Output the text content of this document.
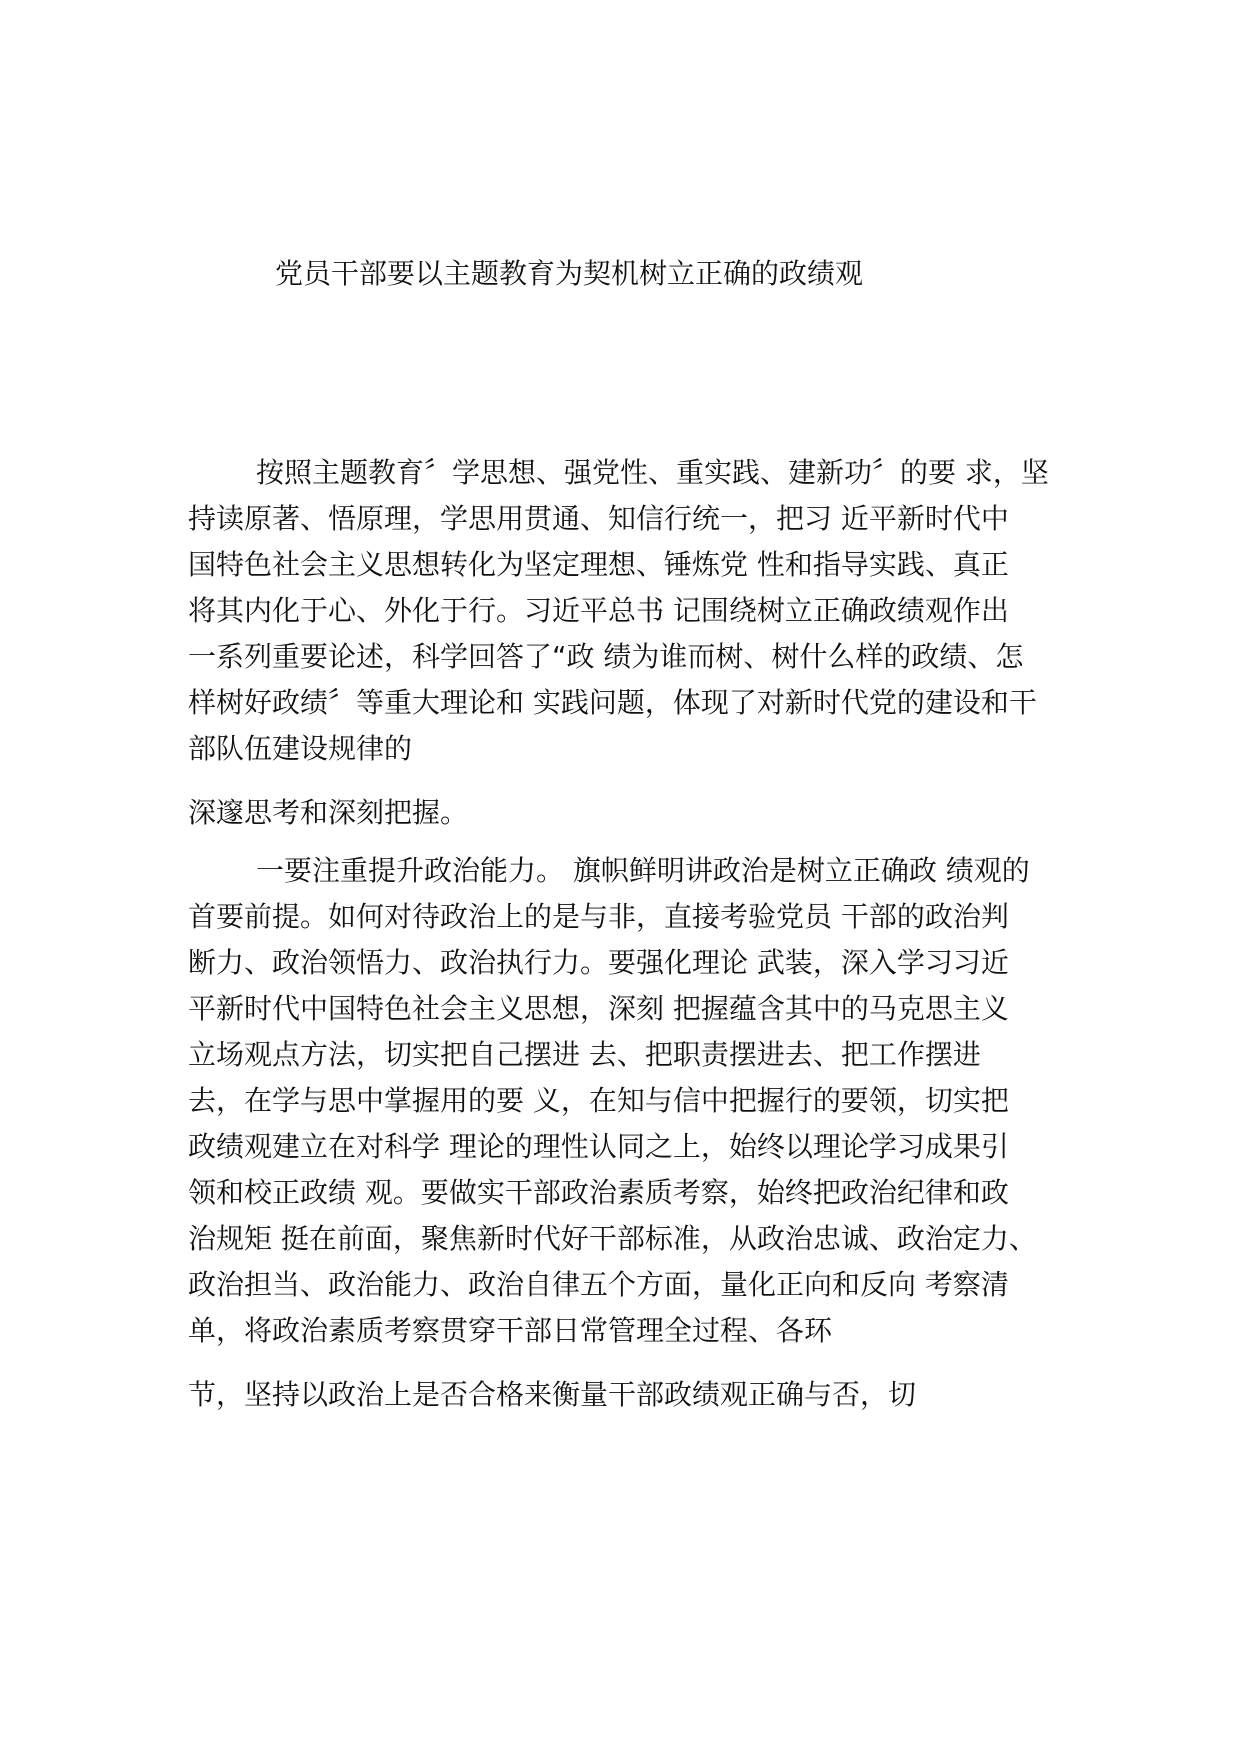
党员干部要以主题教育为契机树立正确的政绩观

按照主题教育〞学思想、强党性、重实践、建新功〞的要 求，坚

持读原著、悟原理，学思用贯通、知信行统一，把习 近平新时代中

国特色社会主义思想转化为坚定理想、锤炼党 性和指导实践、真正

将其内化于心、外化于行。习近平总书 记围绕树立正确政绩观作出

一系列重要论述，科学回答了“政 绩为谁而树、树什么样的政绩、怎

样树好政绩〞等重大理论和 实践问题，体现了对新时代党的建设和干

部队伍建设规律的

深邃思考和深刻把握。

一要注重提升政治能力。 旗帜鲜明讲政治是树立正确政 绩观的

首要前提。如何对待政治上的是与非，直接考验党员 干部的政治判

断力、政治领悟力、政治执行力。要强化理论 武装，深入学习习近

平新时代中国特色社会主义思想，深刻 把握蕴含其中的马克思主义

立场观点方法，切实把自己摆进 去、把职责摆进去、把工作摆进

去，在学与思中掌握用的要 义，在知与信中把握行的要领，切实把

政绩观建立在对科学 理论的理性认同之上，始终以理论学习成果引

领和校正政绩 观。要做实干部政治素质考察，始终把政治纪律和政

治规矩 挺在前面，聚焦新时代好干部标准，从政治忠诚、政治定力、

政治担当、政治能力、政治自律五个方面，量化正向和反向 考察清

单，将政治素质考察贯穿干部日常管理全过程、各环

节，坚持以政治上是否合格来衡量干部政绩观正确与否，切
